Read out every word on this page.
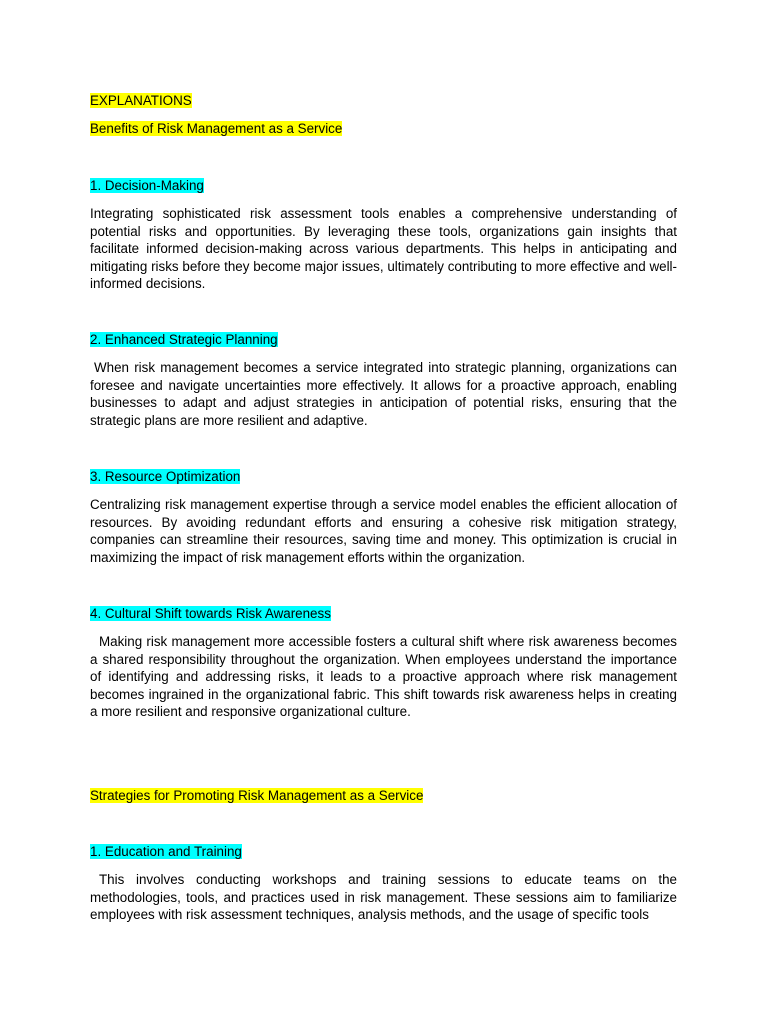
EXPLANATIONS
Benefits of Risk Management as a Service
1. Decision-Making

Integrating sophisticated risk assessment tools enables a comprehensive understanding of potential risks and opportunities. By leveraging these tools, organizations gain insights that facilitate informed decision-making across various departments. This helps in anticipating and mitigating risks before they become major issues, ultimately contributing to more effective and well-informed decisions.

2. Enhanced Strategic Planning

When risk management becomes a service integrated into strategic planning, organizations can foresee and navigate uncertainties more effectively. It allows for a proactive approach, enabling businesses to adapt and adjust strategies in anticipation of potential risks, ensuring that the strategic plans are more resilient and adaptive.

3. Resource Optimization

Centralizing risk management expertise through a service model enables the efficient allocation of resources. By avoiding redundant efforts and ensuring a cohesive risk mitigation strategy, companies can streamline their resources, saving time and money. This optimization is crucial in maximizing the impact of risk management efforts within the organization.

4. Cultural Shift towards Risk Awareness

Making risk management more accessible fosters a cultural shift where risk awareness becomes a shared responsibility throughout the organization. When employees understand the importance of identifying and addressing risks, it leads to a proactive approach where risk management becomes ingrained in the organizational fabric. This shift towards risk awareness helps in creating a more resilient and responsive organizational culture.

Strategies for Promoting Risk Management as a Service
1. Education and Training

This involves conducting workshops and training sessions to educate teams on the methodologies, tools, and practices used in risk management. These sessions aim to familiarize employees with risk assessment techniques, analysis methods, and the usage of specific tools
